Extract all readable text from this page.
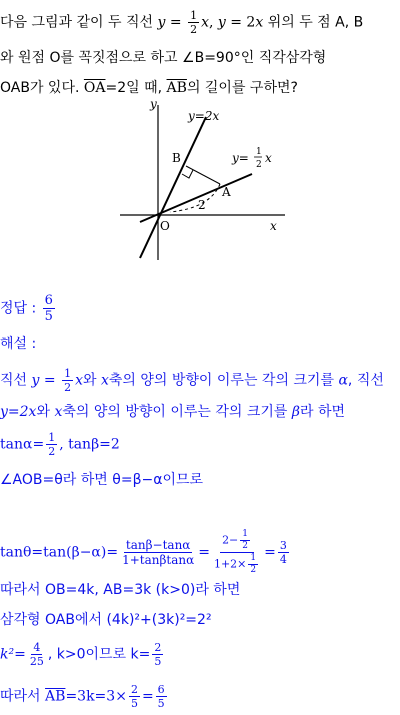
다음 그림과 같이 두 직선 $y = \frac{1}{2} x$, y = 2x 위의 두 점 A, B
와 원점 O를 꼭짓점으로 하고 ∠B=90°인 직각삼각형
OAB가 있다. $\overline{OA}=2$일 때, $\overline{AB}$의 길이를 구하면?
y
x
O
A
B
2
y=2x
y= 1
2 x
정답 : $\frac{6}{5}$
해설 :
직선 $y = \frac{1}{2}$ x와 x축의 양의 방향이 이루는 각의 크기를 α, 직선
y=2x와 x축의 양의 방향이 이루는 각의 크기를 β라 하면
$\tan\alpha= \frac{1}{2}$ , tanβ=2
∠AOB=θ라 하면 θ=β−α이므로
$\tan\theta=\tan(\beta-\alpha)= \frac{\tan\beta-\tan\alpha}{1+\tan\beta\tan\alpha} = \frac{2- \frac{1}{2}}{1+2\times \frac{1}{2}} = \frac{3}{4}$
따라서 OB=4k, AB=3k (k>0)라 하면
삼각형 OAB에서 (4k)²+(3k)²=2²
$k^2= \frac{4}{25}$ , k>0이므로 $k= \frac{2}{5}$
따라서 $\overline{AB}=3k=3\times \frac{2}{5} = \frac{6}{5}$
